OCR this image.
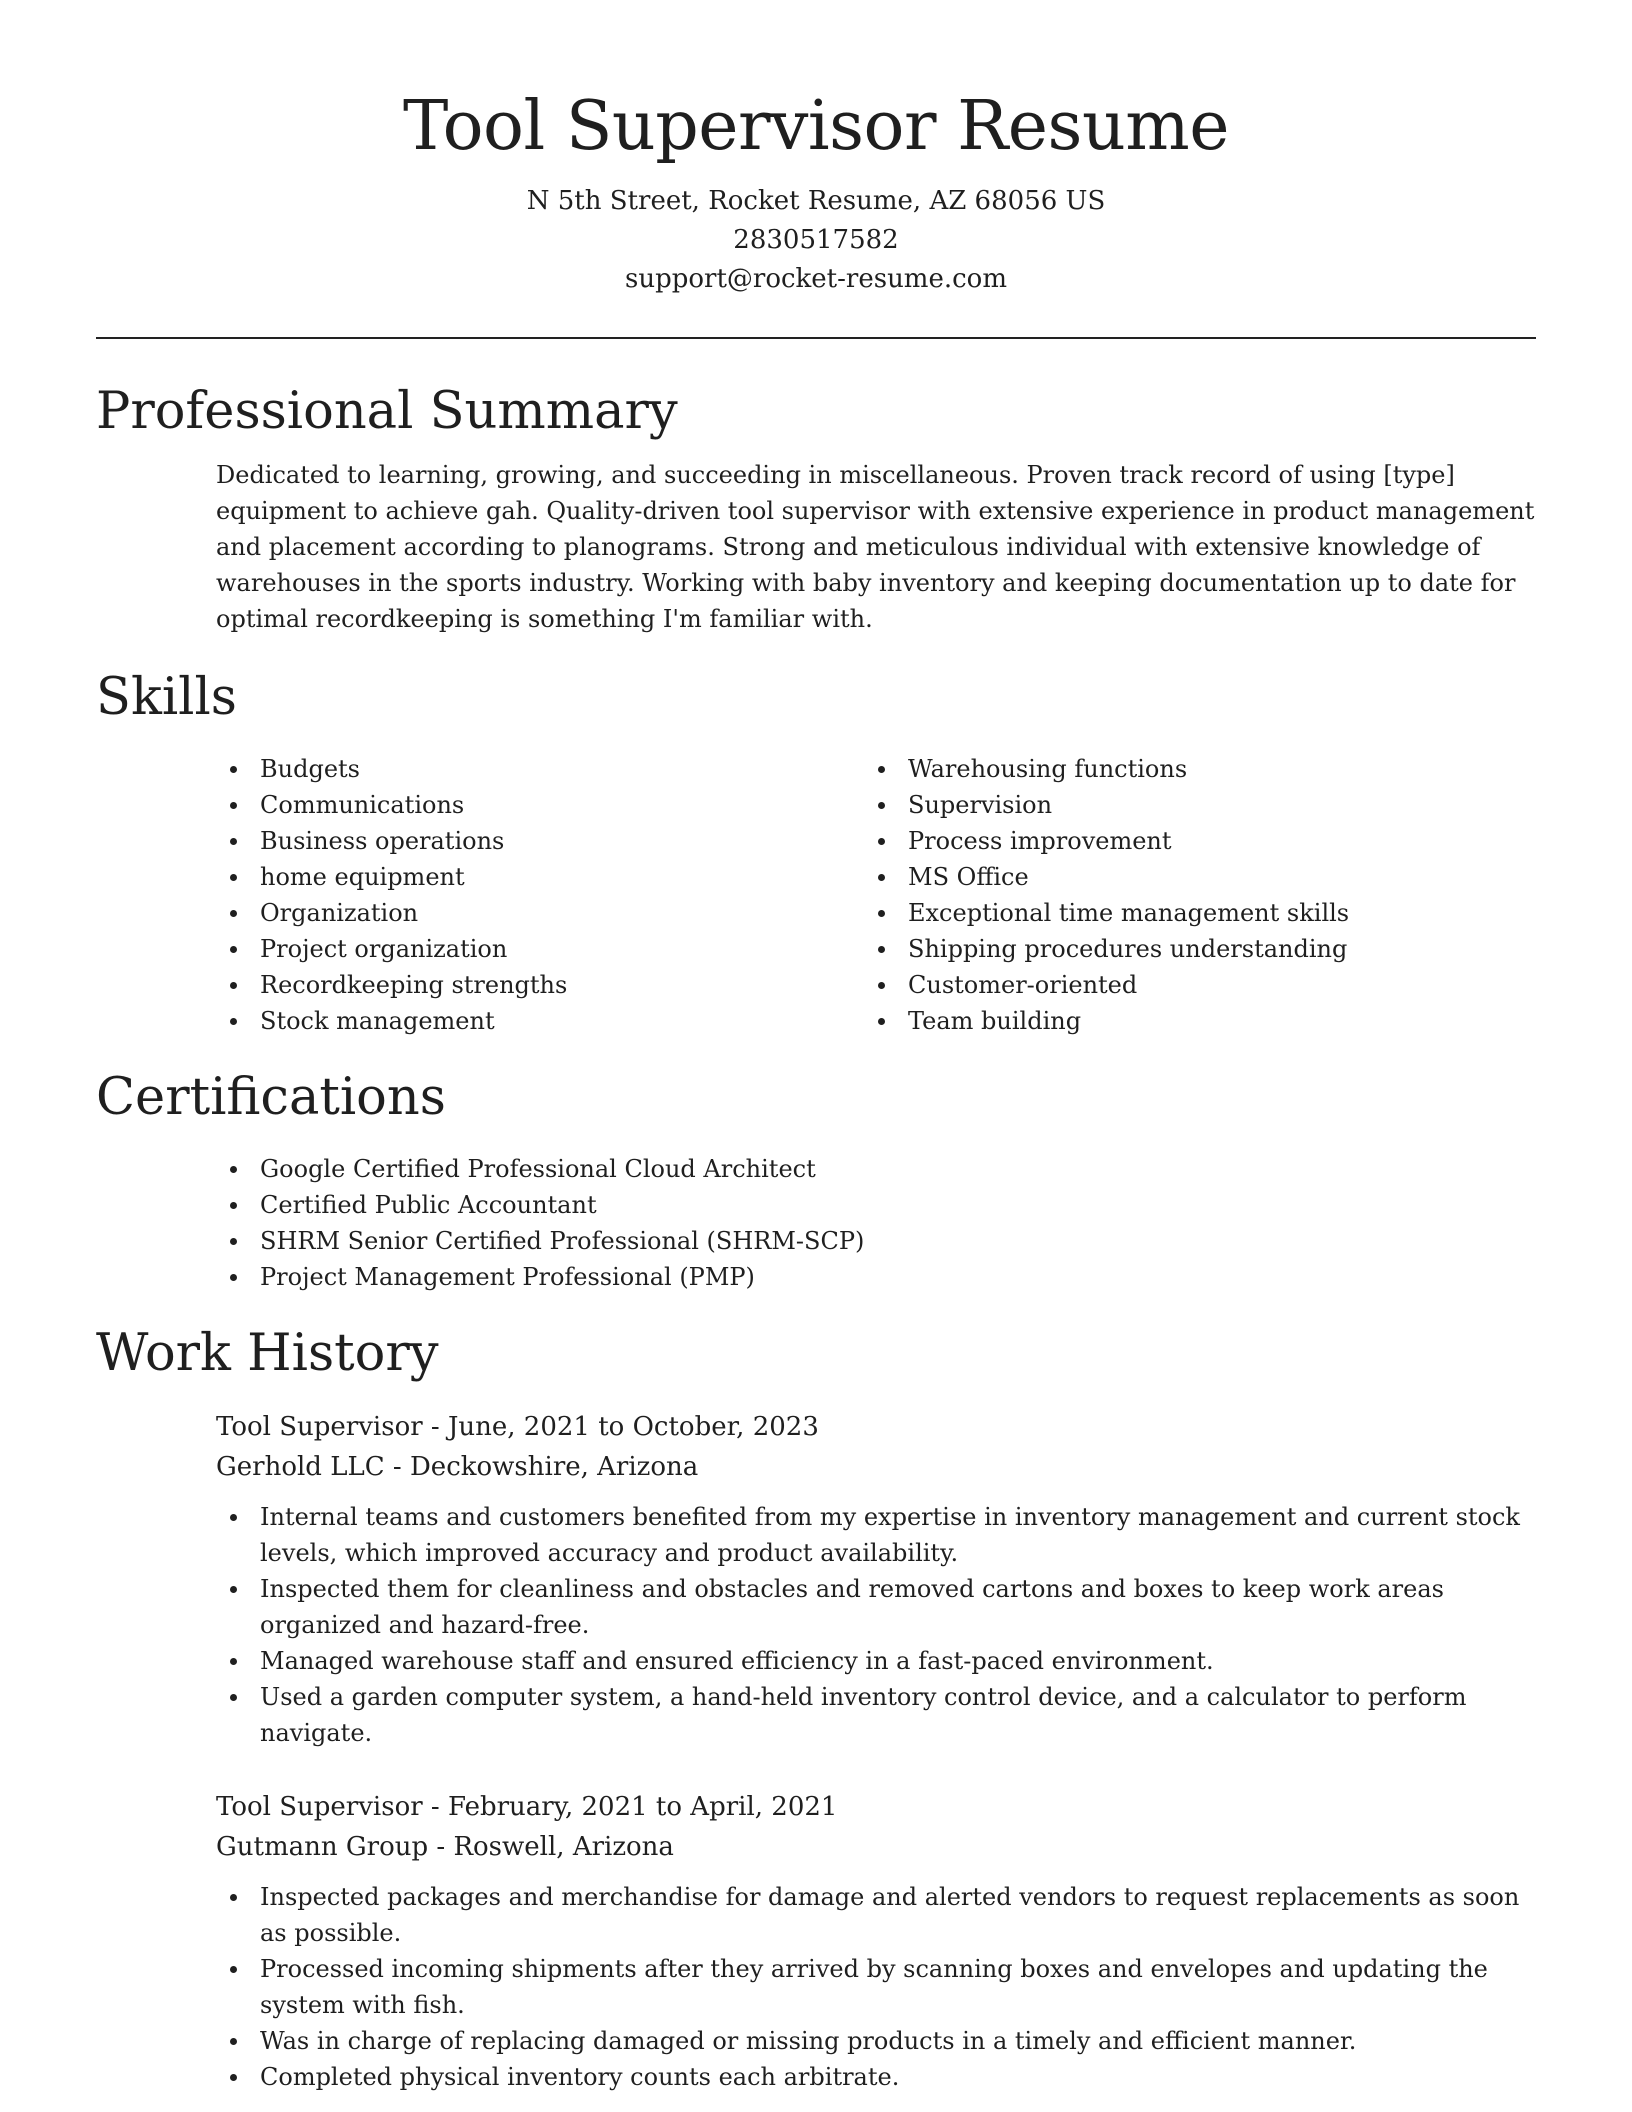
Tool Supervisor Resume
N 5th Street, Rocket Resume, AZ 68056 US
2830517582
support@rocket-resume.com
Professional Summary

Dedicated to learning, growing, and succeeding in miscellaneous. Proven track record of using [type] equipment to achieve gah. Quality-driven tool supervisor with extensive experience in product management and placement according to planograms. Strong and meticulous individual with extensive knowledge of warehouses in the sports industry. Working with baby inventory and keeping documentation up to date for optimal recordkeeping is something I'm familiar with.

Skills
Budgets
Communications
Business operations
home equipment
Organization
Project organization
Recordkeeping strengths
Stock management
Warehousing functions
Supervision
Process improvement
MS Office
Exceptional time management skills
Shipping procedures understanding
Customer-oriented
Team building
Certifications
Google Certified Professional Cloud Architect
Certified Public Accountant
SHRM Senior Certified Professional (SHRM-SCP)
Project Management Professional (PMP)
Work History
Tool Supervisor - June, 2021 to October, 2023
Gerhold LLC - Deckowshire, Arizona
Internal teams and customers benefited from my expertise in inventory management and current stock levels, which improved accuracy and product availability.
Inspected them for cleanliness and obstacles and removed cartons and boxes to keep work areas organized and hazard-free.
Managed warehouse staff and ensured efficiency in a fast-paced environment.
Used a garden computer system, a hand-held inventory control device, and a calculator to perform navigate.
Tool Supervisor - February, 2021 to April, 2021
Gutmann Group - Roswell, Arizona
Inspected packages and merchandise for damage and alerted vendors to request replacements as soon as possible.
Processed incoming shipments after they arrived by scanning boxes and envelopes and updating the system with fish.
Was in charge of replacing damaged or missing products in a timely and efficient manner.
Completed physical inventory counts each arbitrate.
